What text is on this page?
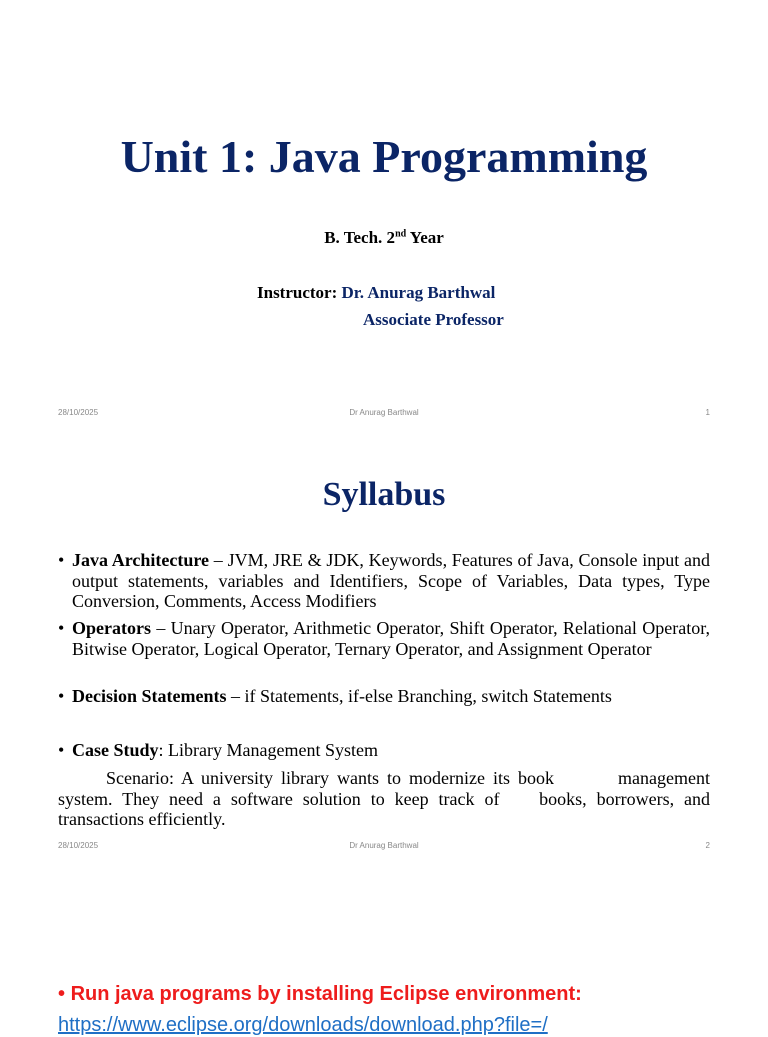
Unit 1: Java Programming

B. Tech. 2nd Year

Instructor: Dr. Anurag Barthwal

Associate Professor

28/10/2025	Dr Anurag Barthwal	1
Syllabus
• Java Architecture – JVM, JRE & JDK, Keywords, Features of Java, Console input and output statements, variables and Identifiers, Scope of Variables, Data types, Type Conversion, Comments, Access Modifiers
• Operators – Unary Operator, Arithmetic Operator, Shift Operator, Relational Operator, Bitwise Operator, Logical Operator, Ternary Operator, and Assignment Operator
• Decision Statements – if Statements, if-else Branching, switch Statements
• Case Study: Library Management System
Scenario: A university library wants to modernize its book        management system. They need a software solution to keep track of    books, borrowers, and transactions efficiently.
28/10/2025	Dr Anurag Barthwal	2

• Run java programs by installing Eclipse environment:

https://www.eclipse.org/downloads/download.php?file=/
